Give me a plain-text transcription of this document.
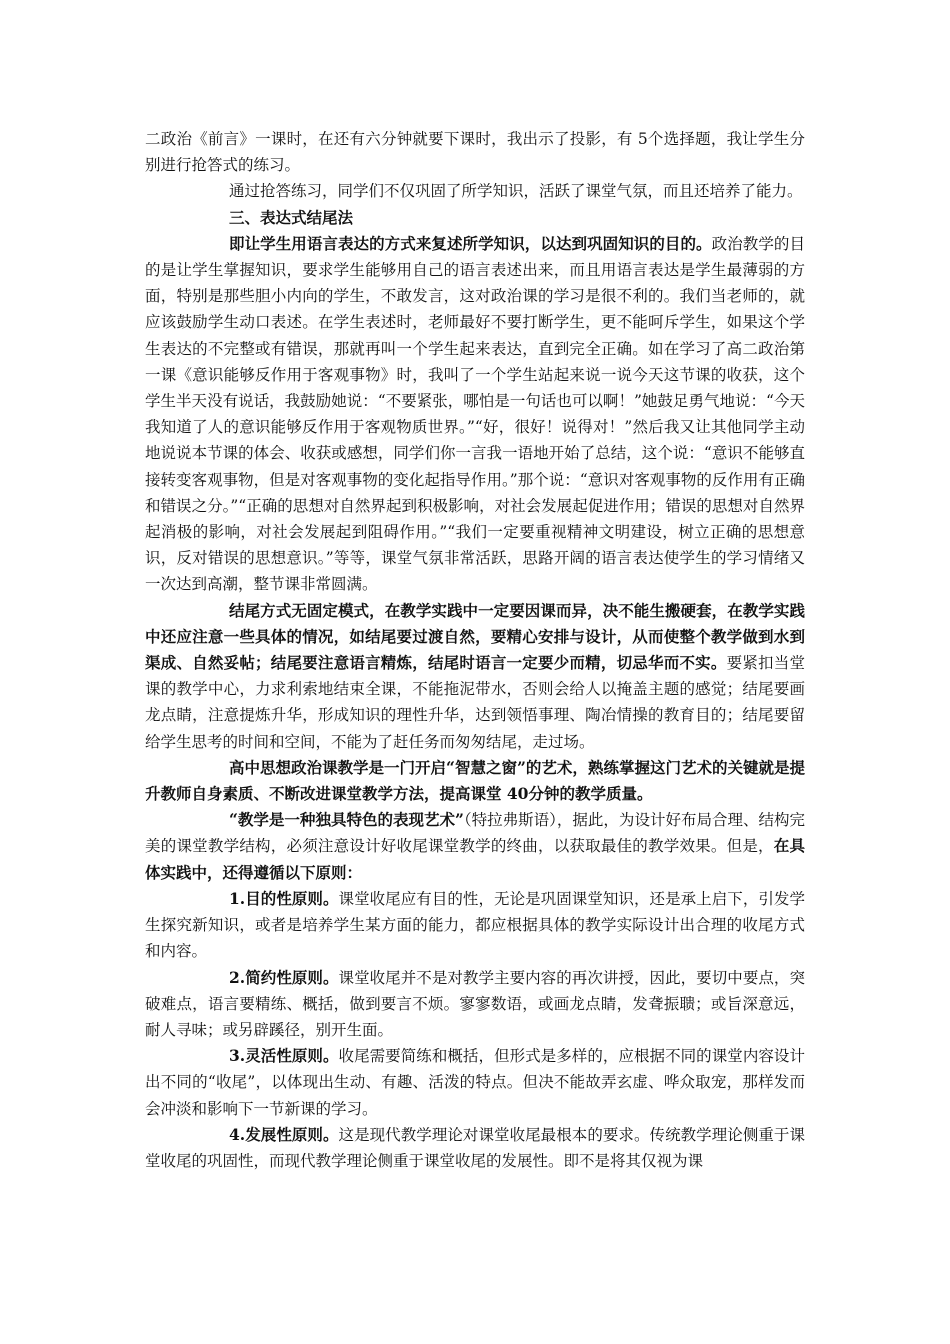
二政治《前言》一课时，在还有六分钟就要下课时，我出示了投影，有 5个选择题，我让学生分别进行抢答式的练习。

通过抢答练习，同学们不仅巩固了所学知识，活跃了课堂气氛，而且还培养了能力。

三、表达式结尾法

即让学生用语言表达的方式来复述所学知识，以达到巩固知识的目的。政治教学的目的是让学生掌握知识，要求学生能够用自己的语言表述出来，而且用语言表达是学生最薄弱的方面，特别是那些胆小内向的学生，不敢发言，这对政治课的学习是很不利的。我们当老师的，就应该鼓励学生动口表述。在学生表述时，老师最好不要打断学生，更不能呵斥学生，如果这个学生表达的不完整或有错误，那就再叫一个学生起来表达，直到完全正确。如在学习了高二政治第一课《意识能够反作用于客观事物》时，我叫了一个学生站起来说一说今天这节课的收获，这个学生半天没有说话，我鼓励她说：“不要紧张，哪怕是一句话也可以啊！”她鼓足勇气地说：“今天我知道了人的意识能够反作用于客观物质世界。”“好，很好！说得对！”然后我又让其他同学主动地说说本节课的体会、收获或感想，同学们你一言我一语地开始了总结，这个说：“意识不能够直接转变客观事物，但是对客观事物的变化起指导作用。”那个说：“意识对客观事物的反作用有正确和错误之分。”“正确的思想对自然界起到积极影响，对社会发展起促进作用；错误的思想对自然界起消极的影响，对社会发展起到阻碍作用。”“我们一定要重视精神文明建设，树立正确的思想意识，反对错误的思想意识。”等等，课堂气氛非常活跃，思路开阔的语言表达使学生的学习情绪又一次达到高潮，整节课非常圆满。

结尾方式无固定模式，在教学实践中一定要因课而异，决不能生搬硬套，在教学实践中还应注意一些具体的情况，如结尾要过渡自然，要精心安排与设计，从而使整个教学做到水到渠成、自然妥帖；结尾要注意语言精炼，结尾时语言一定要少而精，切忌华而不实。要紧扣当堂课的教学中心，力求利索地结束全课，不能拖泥带水，否则会给人以掩盖主题的感觉；结尾要画龙点睛，注意提炼升华，形成知识的理性升华，达到领悟事理、陶冶情操的教育目的；结尾要留给学生思考的时间和空间，不能为了赶任务而匆匆结尾，走过场。

高中思想政治课教学是一门开启“智慧之窗”的艺术，熟练掌握这门艺术的关键就是提升教师自身素质、不断改进课堂教学方法，提高课堂 40分钟的教学质量。

“教学是一种独具特色的表现艺术”（特拉弗斯语），据此，为设计好布局合理、结构完美的课堂教学结构，必须注意设计好收尾课堂教学的终曲，以获取最佳的教学效果。但是，在具体实践中，还得遵循以下原则：

1.目的性原则。课堂收尾应有目的性，无论是巩固课堂知识，还是承上启下，引发学生探究新知识，或者是培养学生某方面的能力，都应根据具体的教学实际设计出合理的收尾方式和内容。

2.简约性原则。课堂收尾并不是对教学主要内容的再次讲授，因此，要切中要点，突破难点，语言要精练、概括，做到要言不烦。寥寥数语，或画龙点睛，发聋振聩；或旨深意远，耐人寻味；或另辟蹊径，别开生面。

3.灵活性原则。收尾需要简练和概括，但形式是多样的，应根据不同的课堂内容设计出不同的“收尾”，以体现出生动、有趣、活泼的特点。但决不能故弄玄虚、哗众取宠，那样发而会冲淡和影响下一节新课的学习。

4.发展性原则。这是现代教学理论对课堂收尾最根本的要求。传统教学理论侧重于课堂收尾的巩固性，而现代教学理论侧重于课堂收尾的发展性。即不是将其仅视为课
